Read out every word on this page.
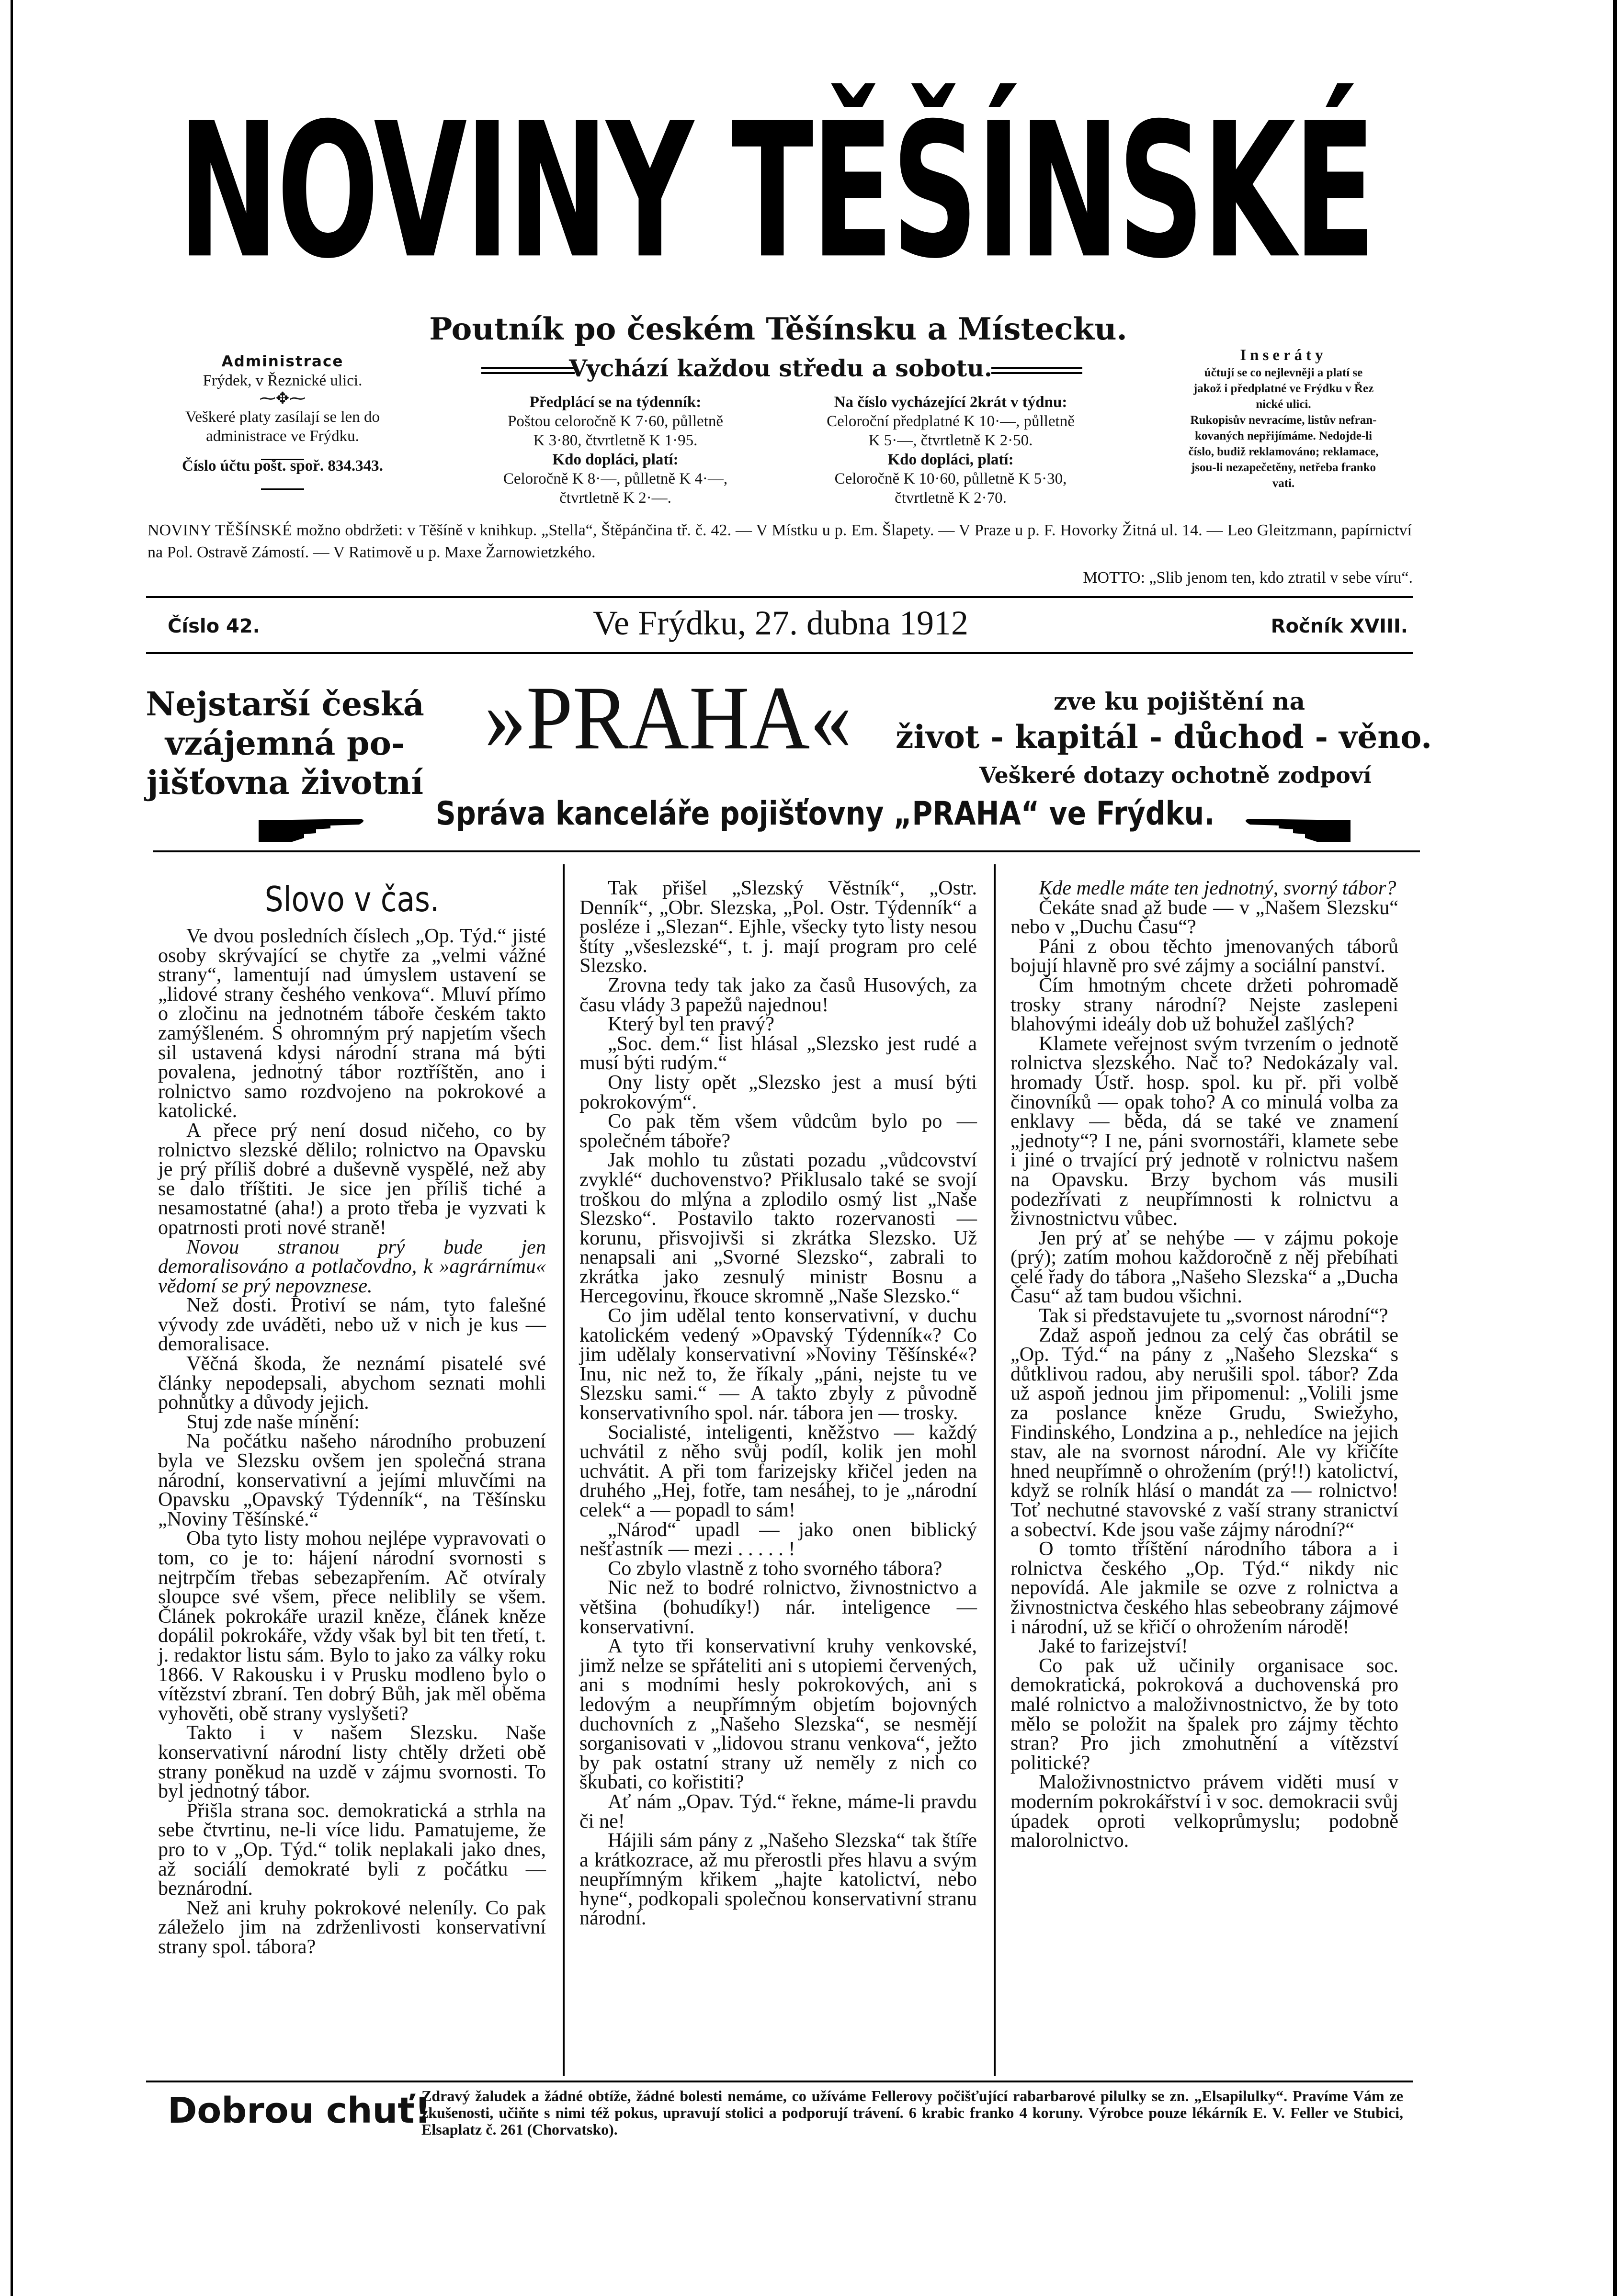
NOVINY TĚŠÍNSKÉ
Poutník po českém Těšínsku a Místecku.
Vychází každou středu a sobotu.
Administrace
Frýdek, v Řeznické ulici.
⁓✥⁓
Veškeré platy zasílají se len do
administrace ve Frýdku.
Číslo účtu pošt. spoř. 834.343.
Předplácí se na týdenník:
Poštou celoročně K 7·60, půlletně
K 3·80, čtvrtletně K 1·95.
Kdo dopláci, platí:
Celoročně K 8·—, půlletně K 4·—,
čtvrtletně K 2·—.
Na číslo vycházející 2krát v týdnu:
Celoroční předplatné K 10·—, půlletně
K 5·—, čtvrtletně K 2·50.
Kdo dopláci, platí:
Celoročně K 10·60, půlletně K 5·30,
čtvrtletně K 2·70.
Inseráty
účtují se co nejlevněji a platí se
jakož i předplatné ve Frýdku v Řez
nické ulici.
Rukopisův nevracíme, listův nefran-
kovaných nepřijímáme. Nedojde-li
číslo, budiž reklamováno; reklamace,
jsou-li nezapečetěny, netřeba franko
vati.
NOVINY TĚŠÍNSKÉ možno obdržeti: v Těšíně v knihkup. „Stella“, Štěpánčina tř. č. 42. — V Místku u p. Em. Šlapety. — V Praze u p. F. Hovorky Žitná ul. 14. — Leo Gleitzmann, papírnictví na Pol. Ostravě Zámostí. — V Ratimově u p. Maxe Žarnowietzkého.
MOTTO: „Slib jenom ten, kdo ztratil v sebe víru“.
Číslo 42.	Ve Frýdku, 27. dubna 1912	Ročník XVIII.
Nejstarší česká
vzájemná po-
jišťovna životní
»PRAHA«	zve ku pojištění na
život - kapitál - důchod - věno.
Veškeré dotazy ochotně zodpoví
Správa kanceláře pojišťovny „PRAHA“ ve Frýdku.

Slovo v čas.

Ve dvou posledních číslech „Op. Týd.“ jisté osoby skrývající se chytře za „velmi vážné strany“, lamentují nad úmyslem ustavení se „lidové strany česhého venkova“. Mluví přímo o zločinu na jednotném táboře českém takto zamýšleném. S ohromným prý napjetím všech sil ustavená kdysi národní strana má býti povalena, jednotný tábor roztříštěn, ano i rolnictvo samo rozdvojeno na pokrokové a katolické.

A přece prý není dosud ničeho, co by rolnictvo slezské dělilo; rolnictvo na Opavsku je prý příliš dobré a duševně vyspělé, než aby se dalo tříštiti. Je sice jen příliš tiché a nesamostatné (aha!) a proto třeba je vyzvati k opatrnosti proti nové straně!

Novou stranou prý bude jen demoralisováno a potlačovdno, k »agrárnímu« vědomí se prý nepovznese.

Než dosti. Protiví se nám, tyto falešné vývody zde uváděti, nebo už v nich je kus — demoralisace.

Věčná škoda, že neznámí pisatelé své články nepodepsali, abychom seznati mohli pohnůtky a důvody jejich.

Stuj zde naše mínění:

Na počátku našeho národního probuzení byla ve Slezsku ovšem jen společná strana národní, konservativní a jejími mluvčími na Opavsku „Opavský Týdenník“, na Těšínsku „Noviny Těšínské.“

Oba tyto listy mohou nejlépe vypravovati o tom, co je to: hájení národní svornosti s nejtrpčím třebas sebezapřením. Ač otvíraly sloupce své všem, přece neliblily se všem. Článek pokrokáře urazil kněze, článek kněze dopálil pokrokáře, vždy však byl bit ten třetí, t. j. redaktor listu sám. Bylo to jako za války roku 1866. V Rakousku i v Prusku modleno bylo o vítězství zbraní. Ten dobrý Bůh, jak měl oběma vyhověti, obě strany vyslyšeti?

Takto i v našem Slezsku. Naše konservativní národní listy chtěly držeti obě strany poněkud na uzdě v zájmu svornosti. To byl jednotný tábor.

Přišla strana soc. demokratická a strhla na sebe čtvrtinu, ne-li více lidu. Pamatujeme, že pro to v „Op. Týd.“ tolik neplakali jako dnes, až sociálí demokraté byli z počátku — beznárodní.

Než ani kruhy pokrokové neleníly. Co pak záleželo jim na zdrženlivosti konservativní strany spol. tábora?

Tak přišel „Slezský Věstník“, „Ostr. Denník“, „Obr. Slezska, „Pol. Ostr. Týdenník“ a posléze i „Slezan“. Ejhle, všecky tyto listy nesou štíty „všeslezské“, t. j. mají program pro celé Slezsko.

Zrovna tedy tak jako za časů Husových, za času vlády 3 papežů najednou!

Který byl ten pravý?

„Soc. dem.“ list hlásal „Slezsko jest rudé a musí býti rudým.“

Ony listy opět „Slezsko jest a musí býti pokrokovým“.

Co pak těm všem vůdcům bylo po — společném táboře?

Jak mohlo tu zůstati pozadu „vůdcovství zvyklé“ duchovenstvo? Přiklusalo také se svojí troškou do mlýna a zplodilo osmý list „Naše Slezsko“. Postavilo takto rozervanosti — korunu, přisvojivši si zkrátka Slezsko. Už nenapsali ani „Svorné Slezsko“, zabrali to zkrátka jako zesnulý ministr Bosnu a Hercegovinu, řkouce skromně „Naše Slezsko.“

Co jim udělal tento konservativní, v duchu katolickém vedený »Opavský Týdenník«? Co jim udělaly konservativní »Noviny Těšínské«? Inu, nic než to, že říkaly „páni, nejste tu ve Slezsku sami.“ — A takto zbyly z původně konservativního spol. nár. tábora jen — trosky.

Socialisté, inteligenti, kněžstvo — každý uchvátil z něho svůj podíl, kolik jen mohl uchvátit. A při tom farizejsky křičel jeden na druhého „Hej, fotře, tam nesáhej, to je „národní celek“ a — popadl to sám!

„Národ“ upadl — jako onen biblický nešťastník — mezi . . . . . !

Co zbylo vlastně z toho svorného tábora?

Nic než to bodré rolnictvo, živnostnictvo a většina (bohudíky!) nár. inteligence — konservativní.

A tyto tři konservativní kruhy venkovské, jimž nelze se spřáteliti ani s utopiemi červených, ani s modními hesly pokrokových, ani s ledovým a neupřímným objetím bojovných duchovních z „Našeho Slezska“, se nesmějí sorganisovati v „lidovou stranu venkova“, ježto by pak ostatní strany už neměly z nich co škubati, co kořistiti?

Ať nám „Opav. Týd.“ řekne, máme-li pravdu či ne!

Hájili sám pány z „Našeho Slezska“ tak štíře a krátkozrace, až mu přerostli přes hlavu a svým neupřímným křikem „hajte katolictví, nebo hyne“, podkopali společnou konservativní stranu národní.

Kde medle máte ten jednotný, svorný tábor?

Čekáte snad až bude — v „Našem Slezsku“ nebo v „Duchu Času“?

Páni z obou těchto jmenovaných táborů bojují hlavně pro své zájmy a sociální panství.

Čím hmotným chcete držeti pohromadě trosky strany národní? Nejste zaslepeni blahovými ideály dob už bohužel zašlých?

Klamete veřejnost svým tvrzením o jednotě rolnictva slezského. Nač to? Nedokázaly val. hromady Ústř. hosp. spol. ku př. při volbě činovníků — opak toho? A co minulá volba za enklavy — běda, dá se také ve znamení „jednoty“? I ne, páni svornostáři, klamete sebe i jiné o trvající prý jednotě v rolnictvu našem na Opavsku. Brzy bychom vás musili podezřívati z neupřímnosti k rolnictvu a živnostnictvu vůbec.

Jen prý ať se nehýbe — v zájmu pokoje (prý); zatím mohou každoročně z něj přebíhati celé řady do tábora „Našeho Slezska“ a „Ducha Času“ až tam budou všichni.

Tak si představujete tu „svornost národní“?

Zdaž aspoň jednou za celý čas obrátil se „Op. Týd.“ na pány z „Našeho Slezska“ s důtklivou radou, aby nerušili spol. tábor? Zda už aspoň jednou jim připomenul: „Volili jsme za poslance kněze Grudu, Swiežyho, Findinského, Londzina a p., nehledíce na jejich stav, ale na svornost národní. Ale vy křičíte hned neupřímně o ohrožením (prý!!) katolictví, když se rolník hlásí o mandát za — rolnictvo! Toť nechutné stavovské z vaší strany stranictví a sobectví. Kde jsou vaše zájmy národní?“

O tomto tříštění národního tábora a i rolnictva českého „Op. Týd.“ nikdy nic nepovídá. Ale jakmile se ozve z rolnictva a živnostnictva českého hlas sebeobrany zájmové i národní, už se křičí o ohrožením národě!

Jaké to farizejství!

Co pak už učinily organisace soc. demokratická, pokroková a duchovenská pro malé rolnictvo a maloživnostnictvo, že by toto mělo se položit na špalek pro zájmy těchto stran? Pro jich zmohutnění a vítězství politické?

Maloživnostnictvo právem viděti musí v moderním pokrokářství i v soc. demokracii svůj úpadek oproti velkoprůmyslu; podobně malorolnictvo.

Dobrou chuť!
Zdravý žaludek a žádné obtíže, žádné bolesti nemáme, co užíváme Fellerovy počišťující rabarbarové pilulky se zn. „Elsapilulky“. Pravíme Vám ze zkušenosti, učiňte s nimi též pokus, upravují stolici a podporují trávení. 6 krabic franko 4 koruny. Výrobce pouze lékárník E. V. Feller ve Stubici, Elsaplatz č. 261 (Chorvatsko).
